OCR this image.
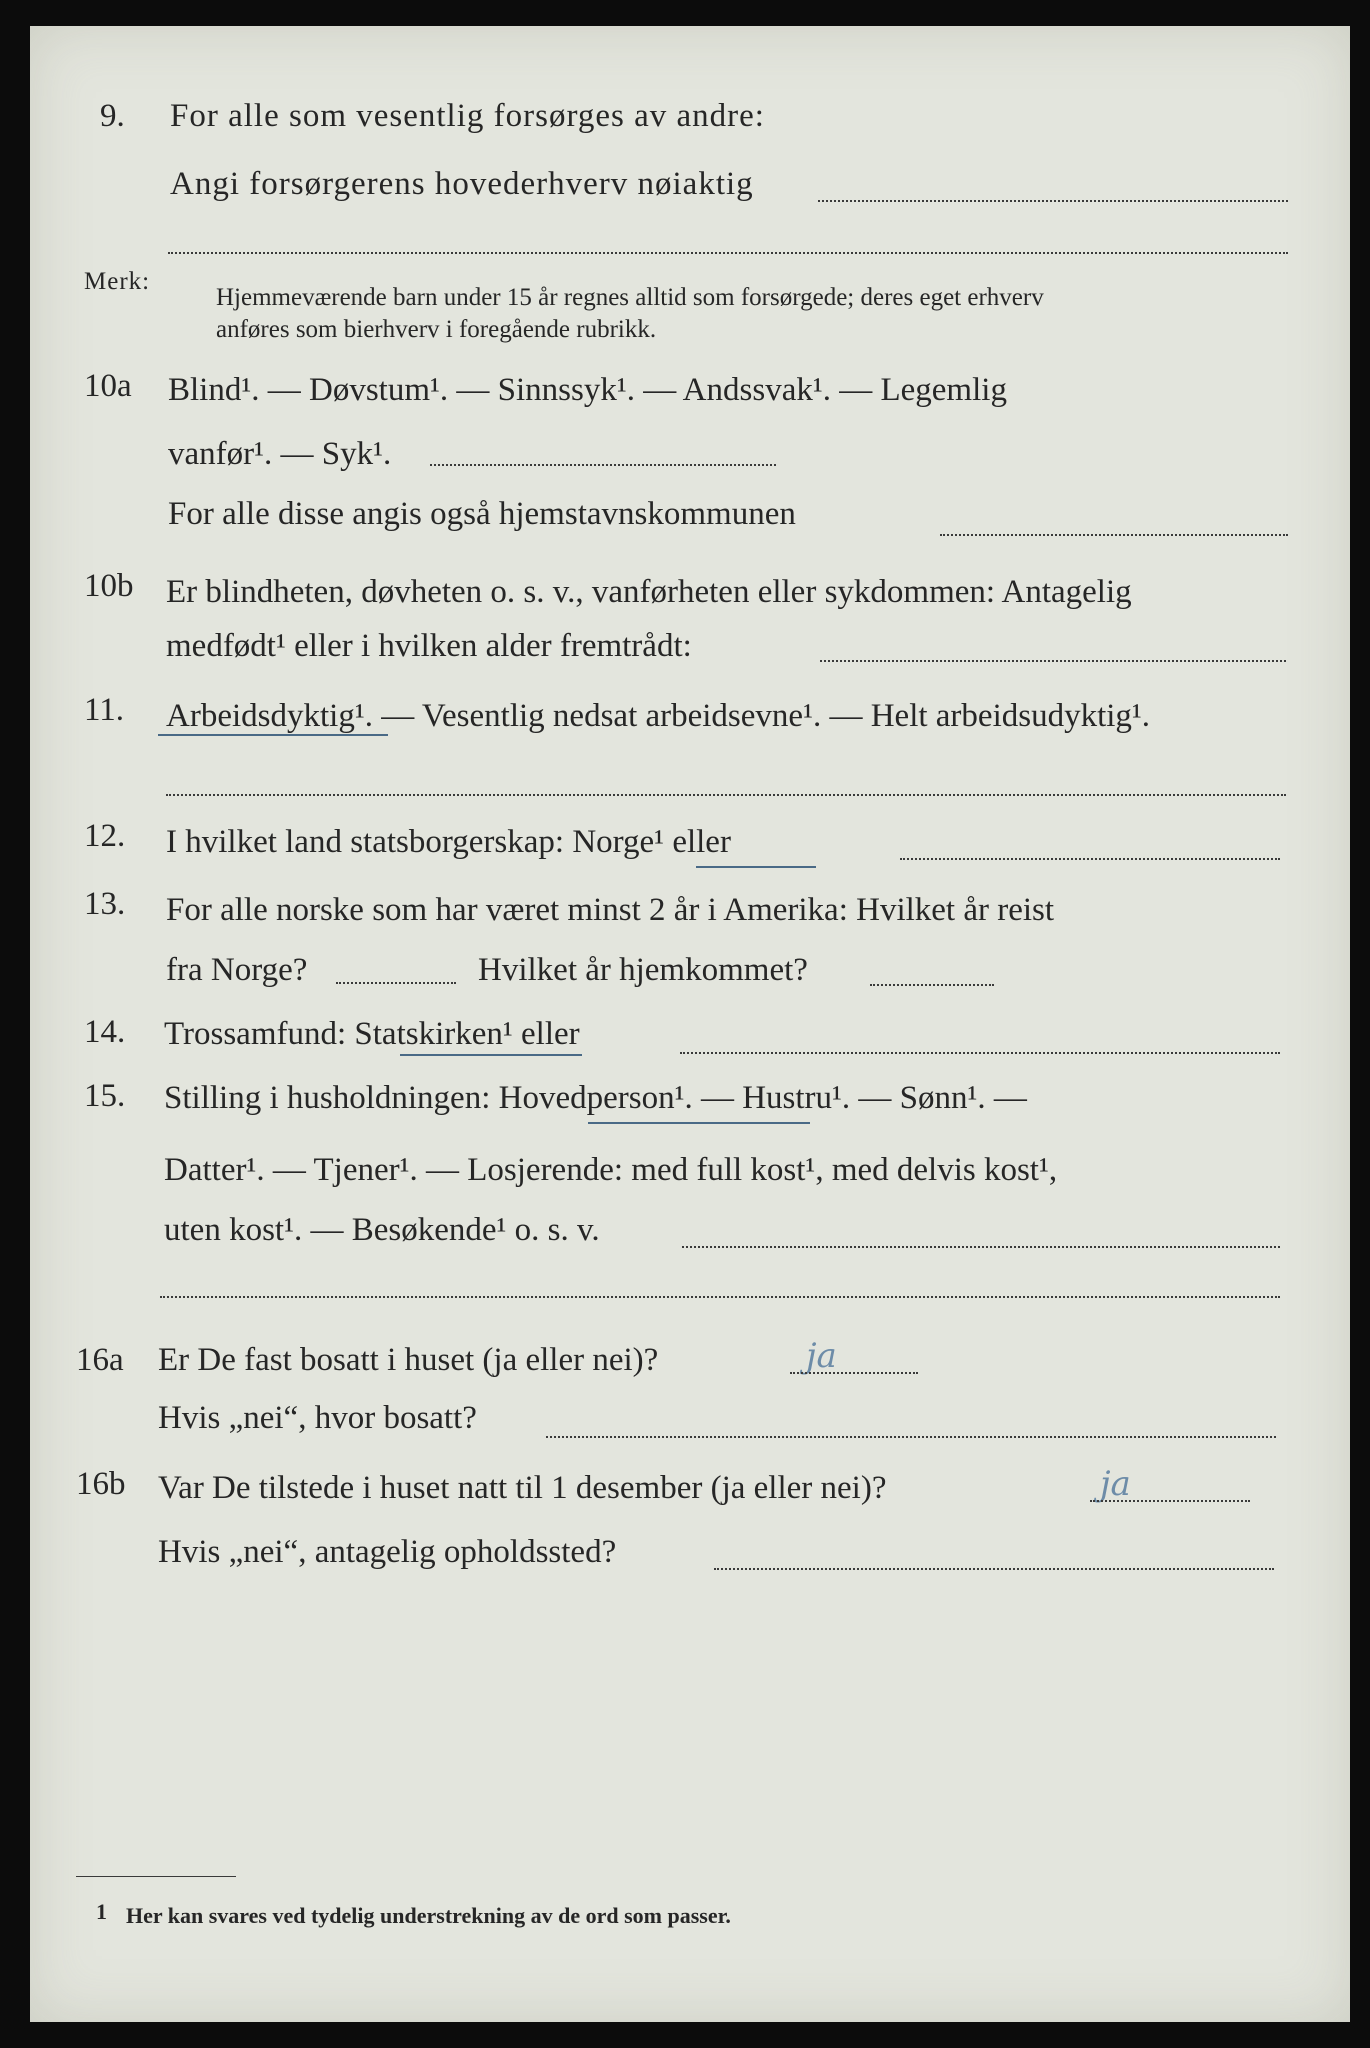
9. For alle som vesentlig forsørges av andre:
Angi forsørgerens hovederhverv nøiaktig
Merk:
Hjemmeværende barn under 15 år regnes alltid som forsørgede; deres eget erhverv
anføres som bierhverv i foregående rubrikk.
10a Blind¹. — Døvstum¹. — Sinnssyk¹. — Andssvak¹. — Legemlig
vanfør¹. — Syk¹.
For alle disse angis også hjemstavnskommunen
10b Er blindheten, døvheten o. s. v., vanførheten eller sykdommen: Antagelig
medfødt¹ eller i hvilken alder fremtrådt:
11. Arbeidsdyktig¹. — Vesentlig nedsat arbeidsevne¹. — Helt arbeidsudyktig¹.
12. I hvilket land statsborgerskap: Norge¹ eller
13. For alle norske som har været minst 2 år i Amerika: Hvilket år reist
fra Norge?	Hvilket år hjemkommet?
14. Trossamfund: Statskirken¹ eller
15. Stilling i husholdningen: Hovedperson¹. — Hustru¹. — Sønn¹. —
Datter¹. — Tjener¹. — Losjerende: med full kost¹, med delvis kost¹,
uten kost¹. — Besøkende¹ o. s. v.
16a Er De fast bosatt i huset (ja eller nei)?	ja
Hvis „nei“, hvor bosatt?
16b Var De tilstede i huset natt til 1 desember (ja eller nei)?	ja
Hvis „nei“, antagelig opholdssted?
1 Her kan svares ved tydelig understrekning av de ord som passer.
